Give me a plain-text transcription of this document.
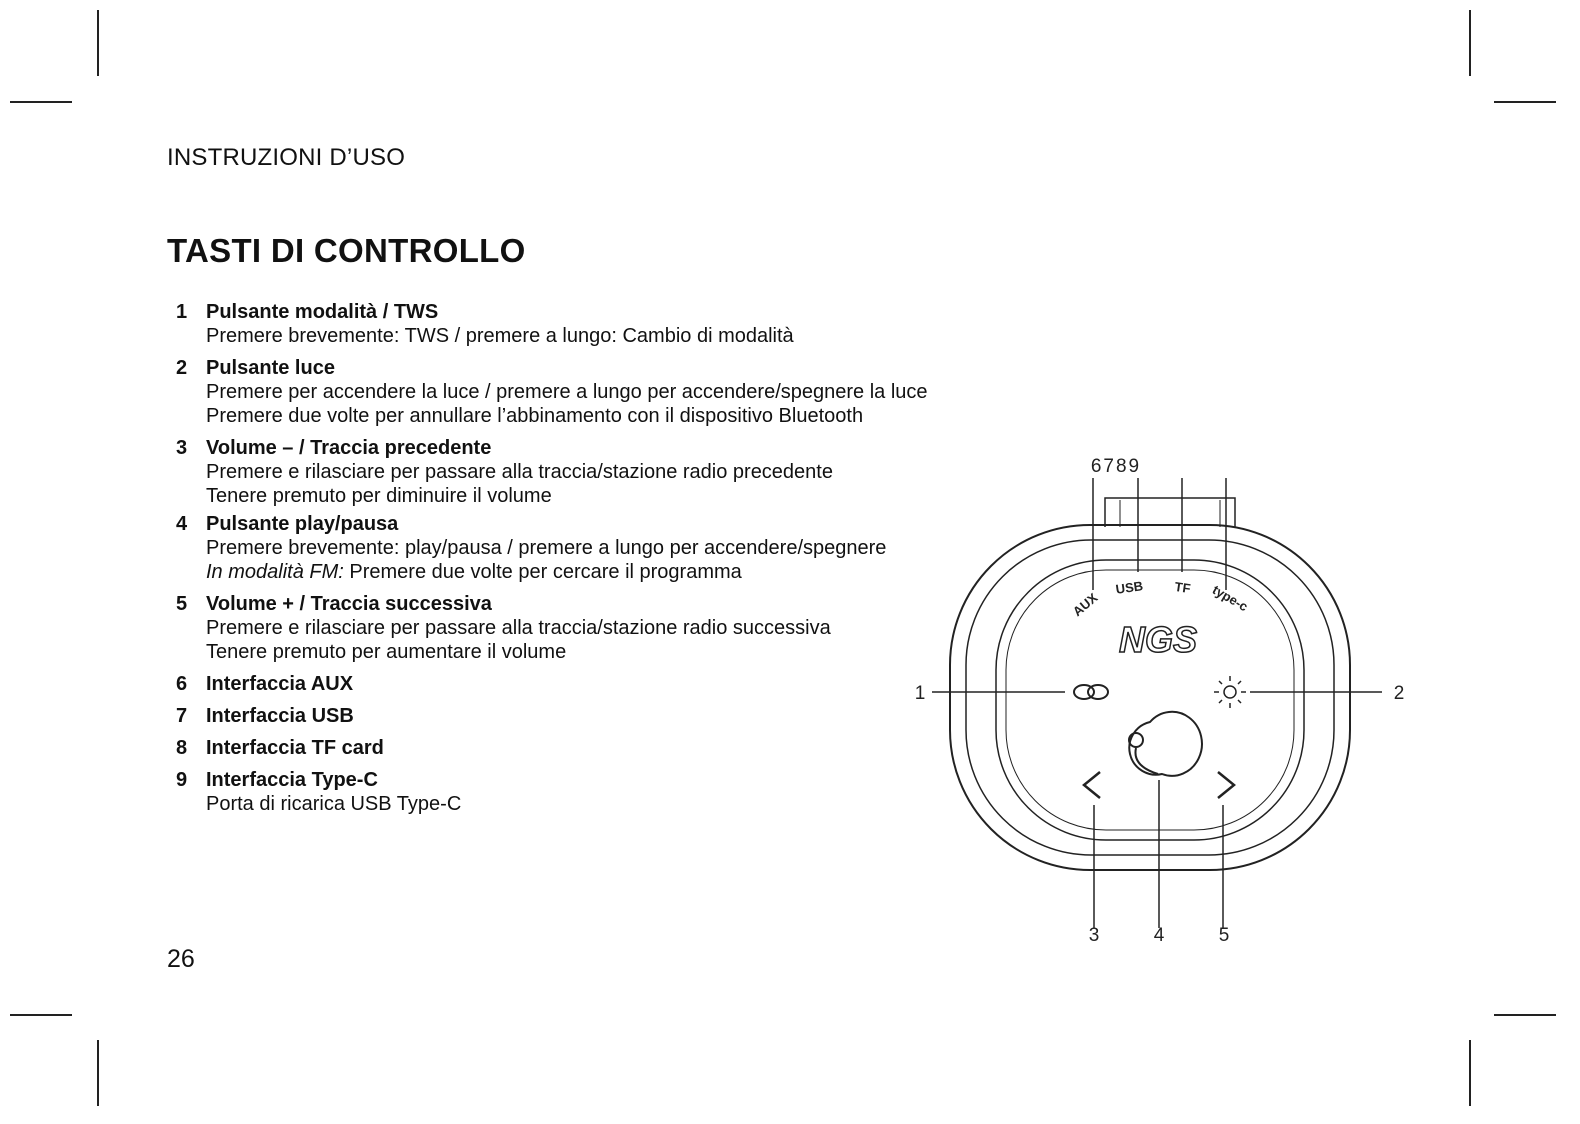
INSTRUZIONI D’USO
TASTI DI CONTROLLO
1 Pulsante modalità / TWS
Premere brevemente: TWS / premere a lungo: Cambio di modalità
2 Pulsante luce
Premere per accendere la luce / premere a lungo per accendere/spegnere la luce
Premere due volte per annullare l’abbinamento con il dispositivo Bluetooth
3 Volume – / Traccia precedente
Premere e rilasciare per passare alla traccia/stazione radio precedente
Tenere premuto per diminuire il volume
4 Pulsante play/pausa
Premere brevemente: play/pausa / premere a lungo per accendere/spegnere
In modalità FM: Premere due volte per cercare il programma
5 Volume + / Traccia successiva
Premere e rilasciare per passare alla traccia/stazione radio successiva
Tenere premuto per aumentare il volume
6 Interfaccia AUX
7 Interfaccia USB
8 Interfaccia TF card
9 Interfaccia Type-C
Porta di ricarica USB Type-C
NGS
AUX
USB TF type-c
6789
1	2
3	4	5
26
